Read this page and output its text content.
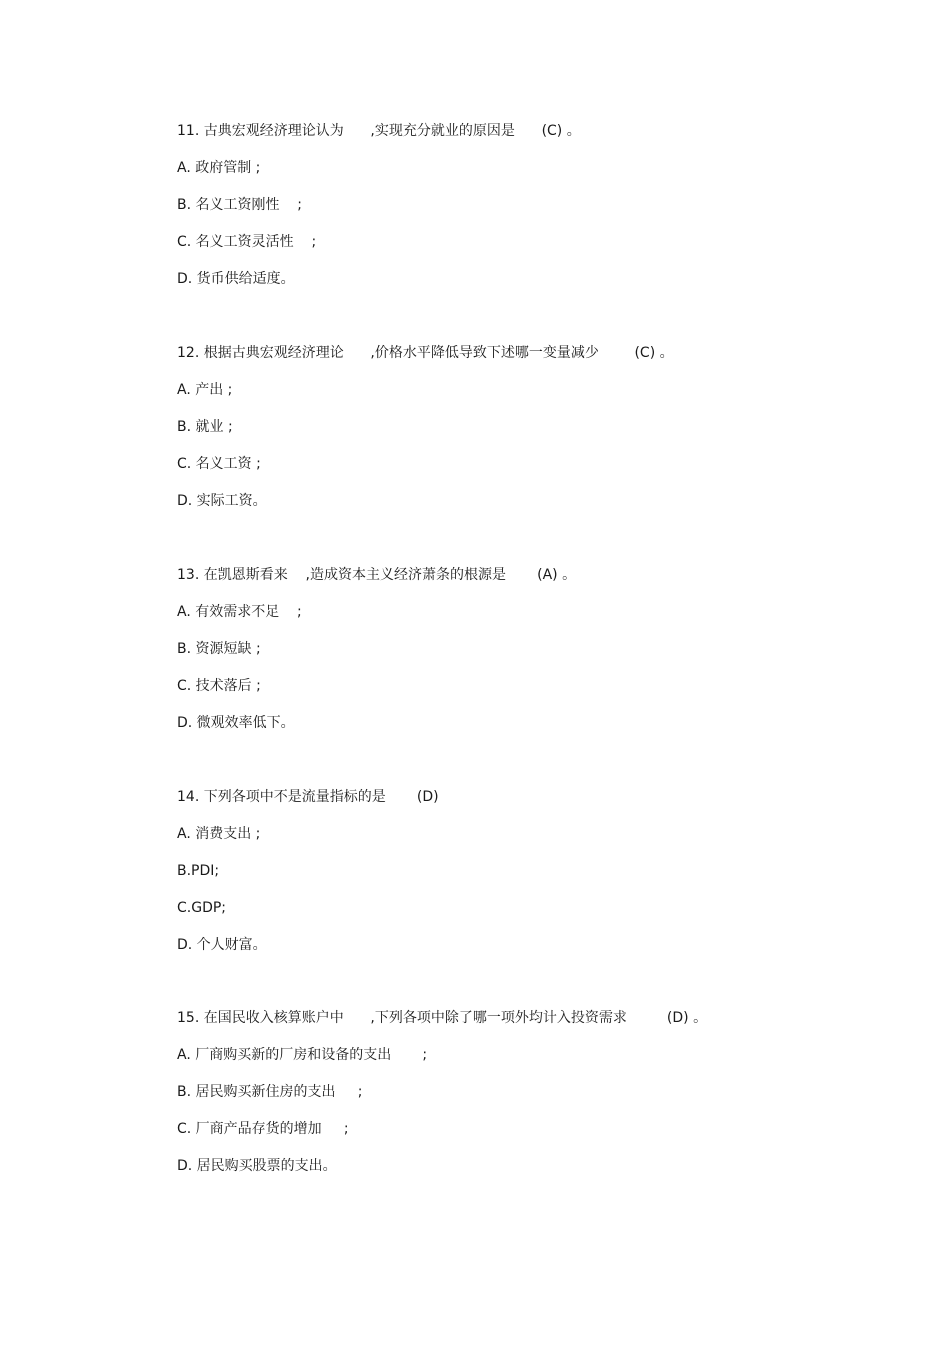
11. 古典宏观经济理论认为      ,实现充分就业的原因是      (C) 。
A. 政府管制 ;
B. 名义工资刚性    ;
C. 名义工资灵活性    ;
D. 货币供给适度。
12. 根据古典宏观经济理论      ,价格水平降低导致下述哪一变量减少        (C) 。
A. 产出 ;
B. 就业 ;
C. 名义工资 ;
D. 实际工资。
13. 在凯恩斯看来    ,造成资本主义经济萧条的根源是       (A) 。
A. 有效需求不足    ;
B. 资源短缺 ;
C. 技术落后 ;
D. 微观效率低下。
14. 下列各项中不是流量指标的是       (D)
A. 消费支出 ;
B.PDI;
C.GDP;
D. 个人财富。
15. 在国民收入核算账户中      ,下列各项中除了哪一项外均计入投资需求         (D) 。
A. 厂商购买新的厂房和设备的支出       ;
B. 居民购买新住房的支出     ;
C. 厂商产品存货的增加     ;
D. 居民购买股票的支出。
